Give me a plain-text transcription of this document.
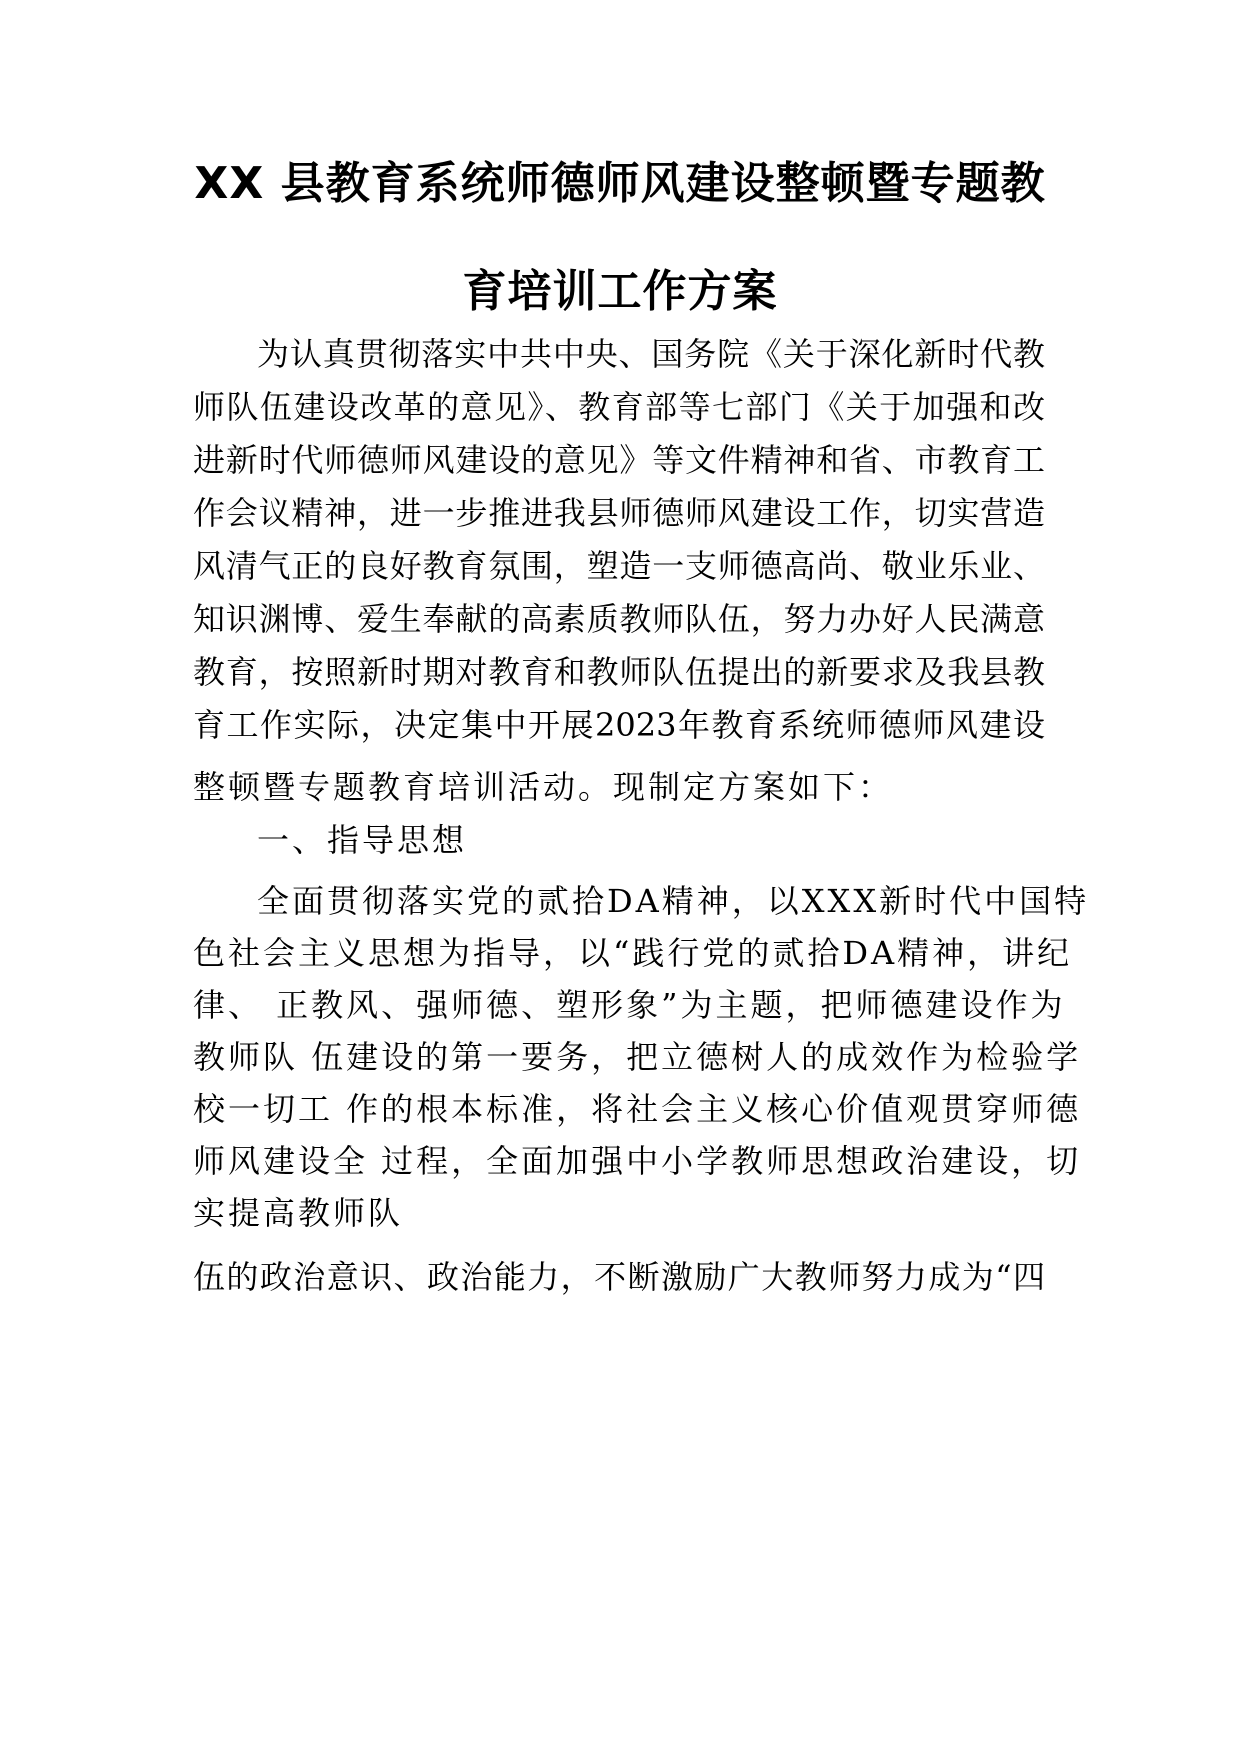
XX 县教育系统师德师风建设整顿暨专题教
育培训工作方案
为认真贯彻落实中共中央、国务院《关于深化新时代教
师队伍建设改革的意见》、教育部等七部门《关于加强和改
进新时代师德师风建设的意见》等文件精神和省、市教育工
作会议精神，进一步推进我县师德师风建设工作，切实营造
风清气正的良好教育氛围，塑造一支师德高尚、敬业乐业、
知识渊博、爱生奉献的高素质教师队伍，努力办好人民满意
教育，按照新时期对教育和教师队伍提出的新要求及我县教
育工作实际，决定集中开展2023年教育系统师德师风建设
整顿暨专题教育培训活动。现制定方案如下：
一、指导思想
全面贯彻落实党的贰拾DA精神，以XXX新时代中国特
色社会主义思想为指导，以“践行党的贰拾DA精神，讲纪
律、 正教风、强师德、塑形象”为主题，把师德建设作为
教师队 伍建设的第一要务，把立德树人的成效作为检验学
校一切工 作的根本标准，将社会主义核心价值观贯穿师德
师风建设全 过程，全面加强中小学教师思想政治建设，切
实提高教师队
伍的政治意识、政治能力，不断激励广大教师努力成为“四
